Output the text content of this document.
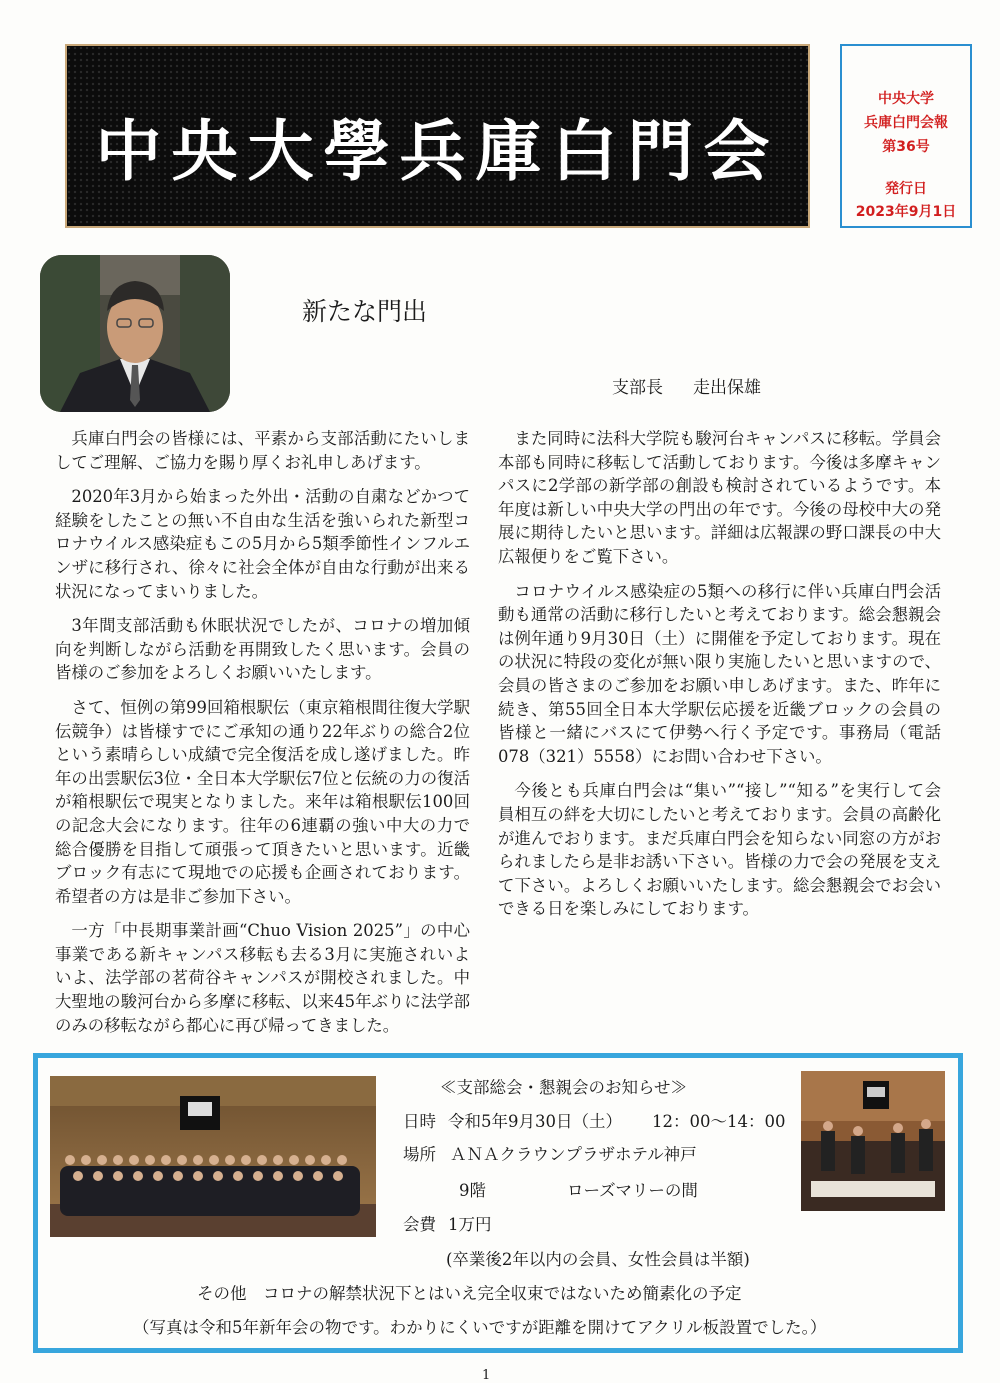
中央大學兵庫白門会
中央大学
兵庫白門会報
第36号
発行日
2023年9月1日
新たな門出
支部長 走出保雄

兵庫白門会の皆様には、平素から支部活動にたいしましてご理解、ご協力を賜り厚くお礼申しあげます。

2020年3月から始まった外出・活動の自粛などかつて経験をしたことの無い不自由な生活を強いられた新型コロナウイルス感染症もこの5月から5類季節性インフルエンザに移行され、徐々に社会全体が自由な行動が出来る状況になってまいりました。

3年間支部活動も休眠状況でしたが、コロナの増加傾向を判断しながら活動を再開致したく思います。会員の皆様のご参加をよろしくお願いいたします。

さて、恒例の第99回箱根駅伝（東京箱根間往復大学駅伝競争）は皆様すでにご承知の通り22年ぶりの総合2位という素晴らしい成績で完全復活を成し遂げました。昨年の出雲駅伝3位・全日本大学駅伝7位と伝統の力の復活が箱根駅伝で現実となりました。来年は箱根駅伝100回の記念大会になります。往年の6連覇の強い中大の力で総合優勝を目指して頑張って頂きたいと思います。近畿ブロック有志にて現地での応援も企画されております。希望者の方は是非ご参加下さい。

一方「中長期事業計画“Chuo Vision 2025”」の中心事業である新キャンパス移転も去る3月に実施されいよいよ、法学部の茗荷谷キャンパスが開校されました。中大聖地の駿河台から多摩に移転、以来45年ぶりに法学部のみの移転ながら都心に再び帰ってきました。

また同時に法科大学院も駿河台キャンパスに移転。学員会本部も同時に移転して活動しております。今後は多摩キャンパスに2学部の新学部の創設も検討されているようです。本年度は新しい中央大学の門出の年です。今後の母校中大の発展に期待したいと思います。詳細は広報課の野口課長の中大広報便りをご覧下さい。

コロナウイルス感染症の5類への移行に伴い兵庫白門会活動も通常の活動に移行したいと考えております。総会懇親会は例年通り9月30日（土）に開催を予定しております。現在の状況に特段の変化が無い限り実施したいと思いますので、会員の皆さまのご参加をお願い申しあげます。また、昨年に続き、第55回全日本大学駅伝応援を近畿ブロックの会員の皆様と一緒にバスにて伊勢へ行く予定です。事務局（電話078（321）5558）にお問い合わせ下さい。

今後とも兵庫白門会は“集い”“接し”“知る”を実行して会員相互の絆を大切にしたいと考えております。会員の高齢化が進んでおります。まだ兵庫白門会を知らない同窓の方がおられましたら是非お誘い下さい。皆様の力で会の発展を支えて下さい。よろしくお願いいたします。総会懇親会でお会いできる日を楽しみにしております。

≪支部総会・懇親会のお知らせ≫
日時 令和5年9月30日（土） 12：00～14：00
場所 ＡＮＡクラウンプラザホテル神戸
9階	ローズマリーの間
会費 1万円
(卒業後2年以内の会員、女性会員は半額)
その他　コロナの解禁状況下とはいえ完全収束ではないため簡素化の予定
（写真は令和5年新年会の物です。わかりにくいですが距離を開けてアクリル板設置でした。）
1
